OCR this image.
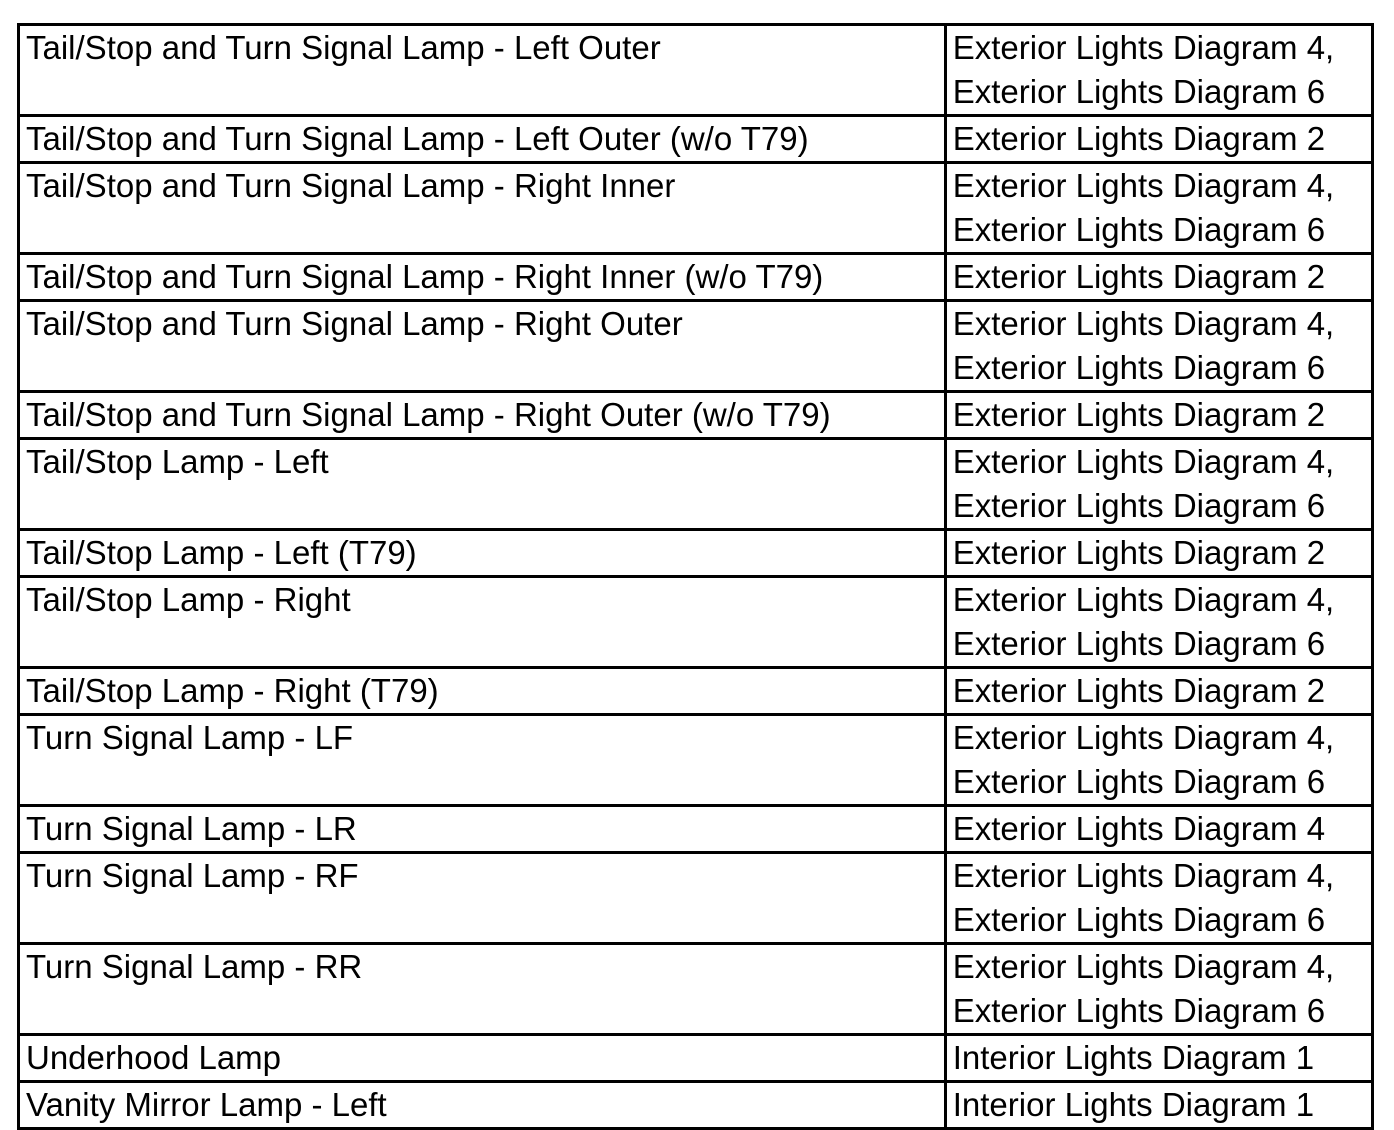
Tail/Stop and Turn Signal Lamp - Left Outer	Exterior Lights Diagram 4,
Exterior Lights Diagram 6

Tail/Stop and Turn Signal Lamp - Left Outer (w/o T79)	Exterior Lights Diagram 2

Tail/Stop and Turn Signal Lamp - Right Inner	Exterior Lights Diagram 4,
Exterior Lights Diagram 6

Tail/Stop and Turn Signal Lamp - Right Inner (w/o T79)	Exterior Lights Diagram 2

Tail/Stop and Turn Signal Lamp - Right Outer	Exterior Lights Diagram 4,
Exterior Lights Diagram 6

Tail/Stop and Turn Signal Lamp - Right Outer (w/o T79)	Exterior Lights Diagram 2

Tail/Stop Lamp - Left	Exterior Lights Diagram 4,
Exterior Lights Diagram 6

Tail/Stop Lamp - Left (T79)	Exterior Lights Diagram 2

Tail/Stop Lamp - Right	Exterior Lights Diagram 4,
Exterior Lights Diagram 6

Tail/Stop Lamp - Right (T79)	Exterior Lights Diagram 2

Turn Signal Lamp - LF	Exterior Lights Diagram 4,
Exterior Lights Diagram 6

Turn Signal Lamp - LR	Exterior Lights Diagram 4

Turn Signal Lamp - RF	Exterior Lights Diagram 4,
Exterior Lights Diagram 6

Turn Signal Lamp - RR	Exterior Lights Diagram 4,
Exterior Lights Diagram 6

Underhood Lamp	Interior Lights Diagram 1

Vanity Mirror Lamp - Left	Interior Lights Diagram 1
